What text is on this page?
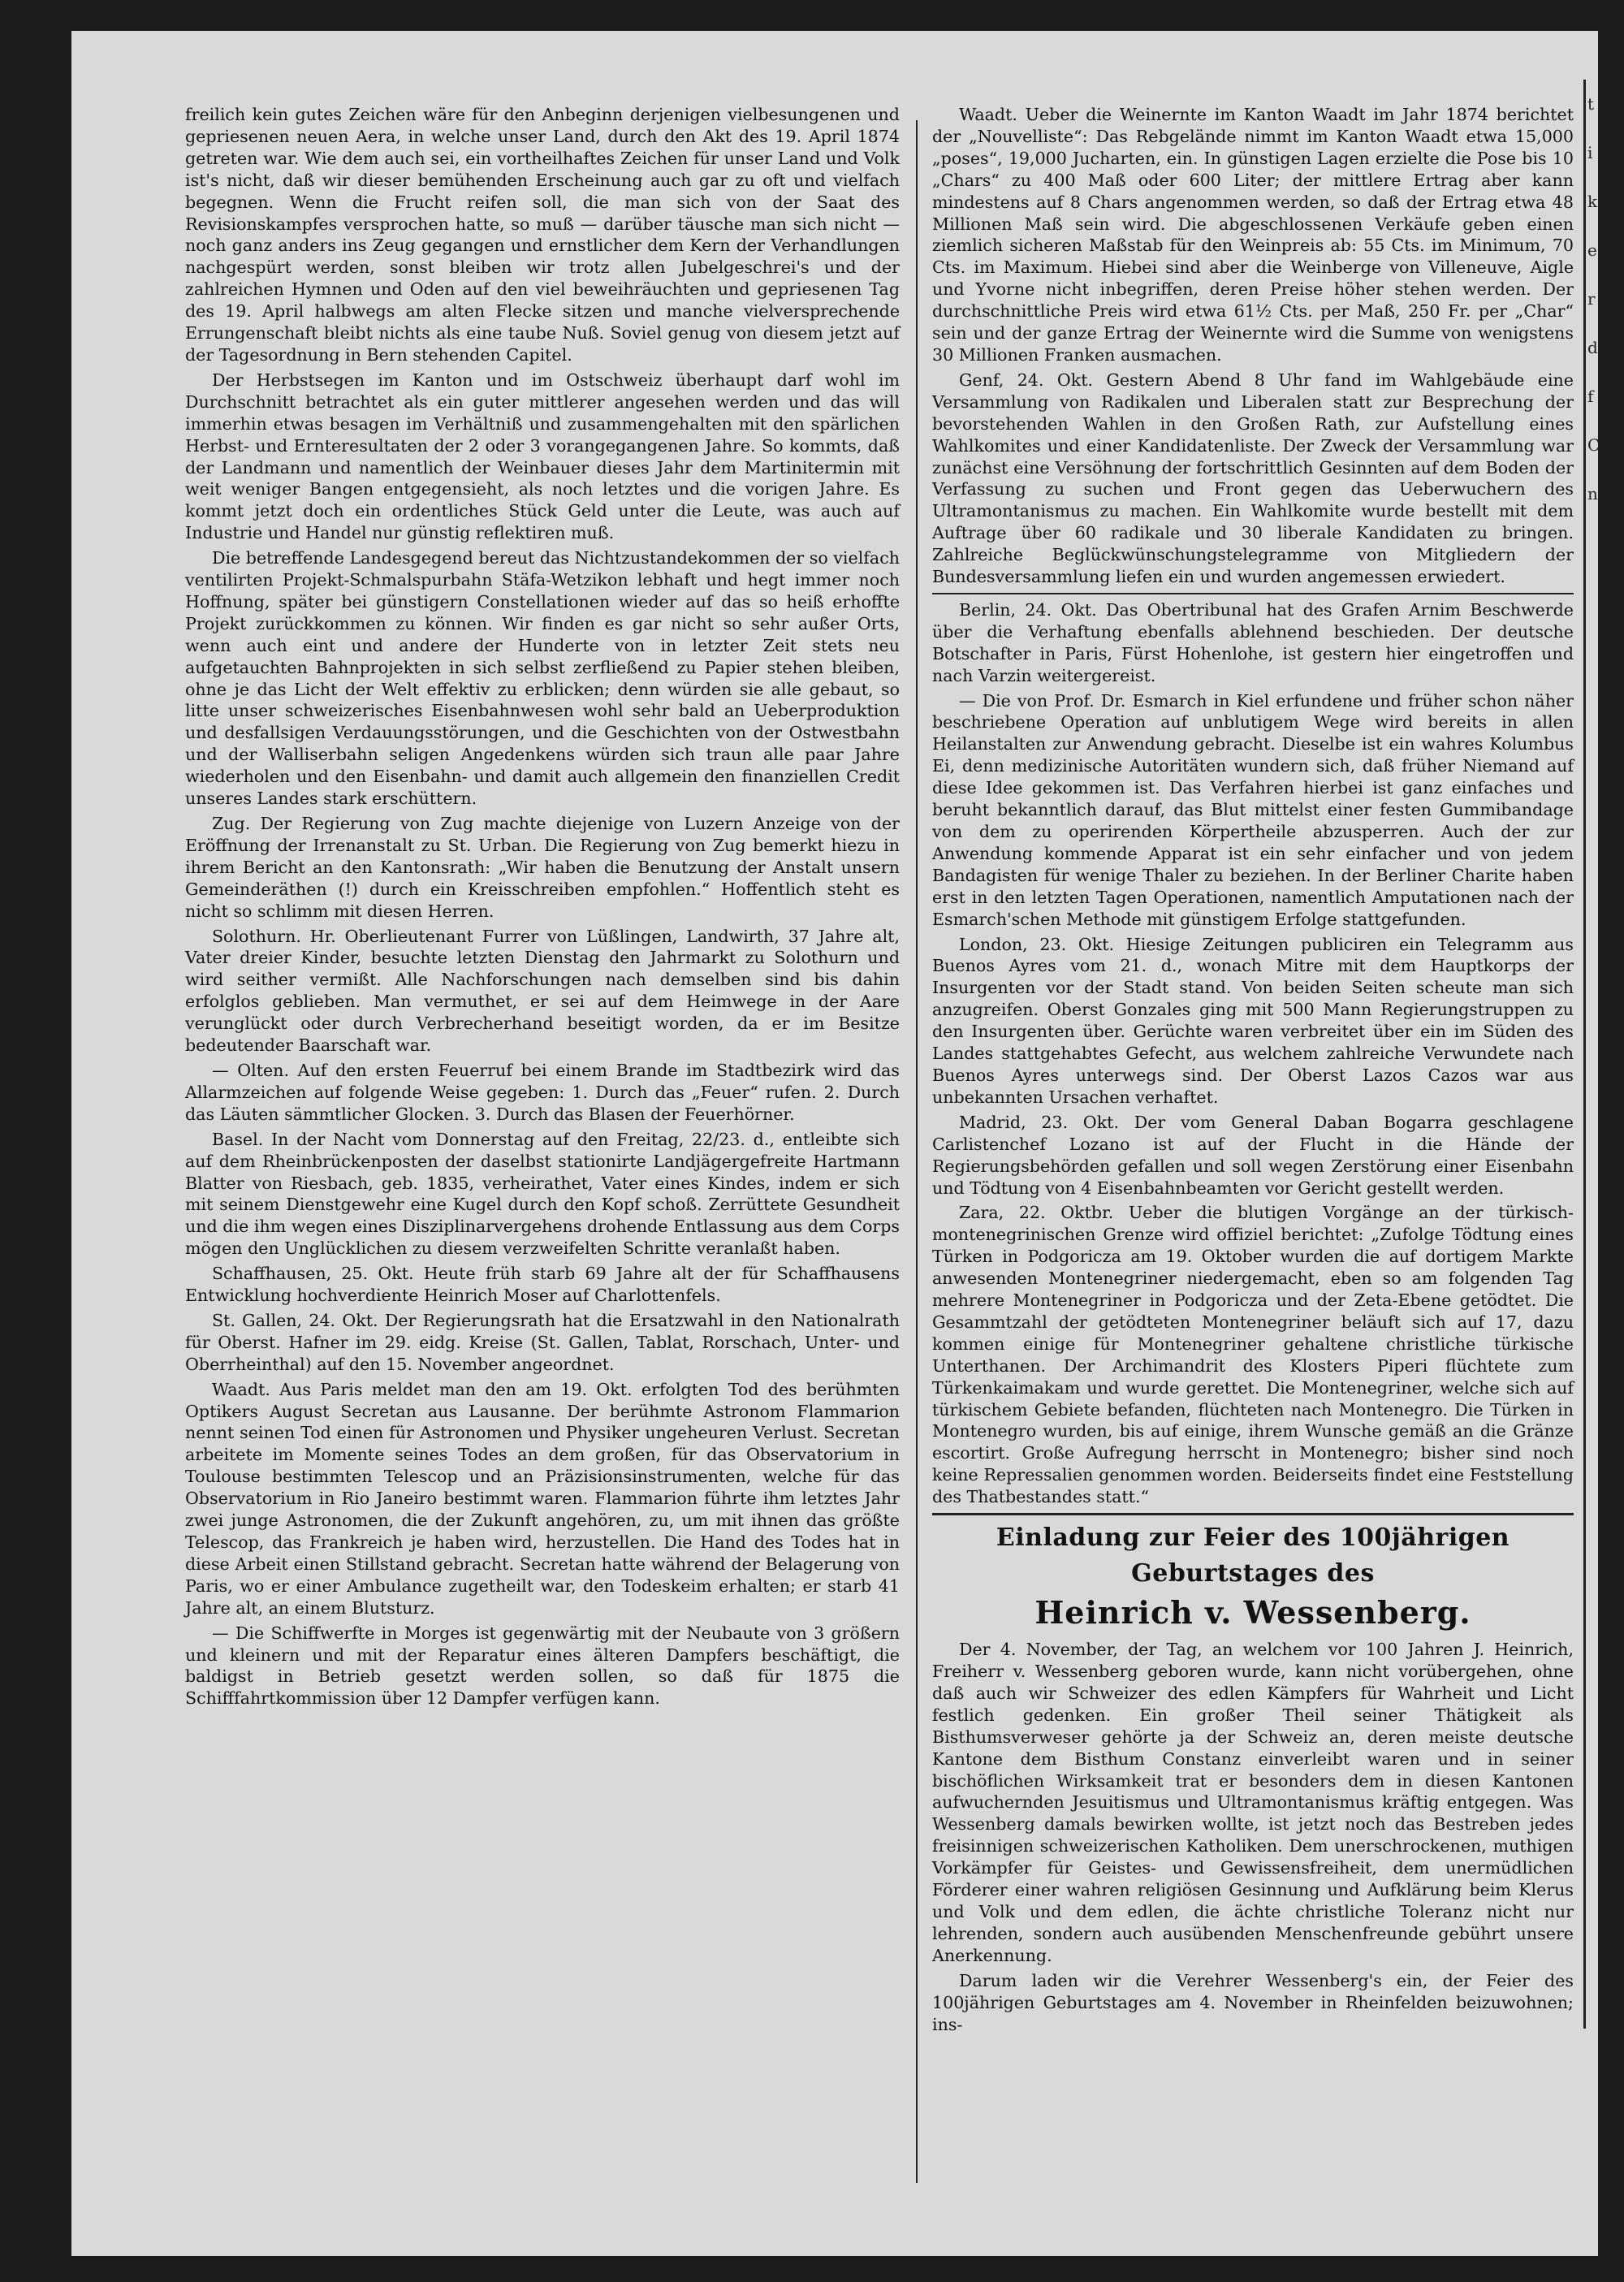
freilich kein gutes Zeichen wäre für den Anbeginn derjenigen vielbesungenen und gepriesenen neuen Aera, in welche unser Land, durch den Akt des 19. April 1874 getreten war. Wie dem auch sei, ein vortheilhaftes Zeichen für unser Land und Volk ist's nicht, daß wir dieser bemühenden Erscheinung auch gar zu oft und vielfach begegnen. Wenn die Frucht reifen soll, die man sich von der Saat des Revisionskampfes versprochen hatte, so muß — darüber täusche man sich nicht — noch ganz anders ins Zeug gegangen und ernstlicher dem Kern der Verhandlungen nachgespürt werden, sonst bleiben wir trotz allen Jubelgeschrei's und der zahlreichen Hymnen und Oden auf den viel beweihräuchten und gepriesenen Tag des 19. April halbwegs am alten Flecke sitzen und manche vielversprechende Errungenschaft bleibt nichts als eine taube Nuß. Soviel genug von diesem jetzt auf der Tagesordnung in Bern stehenden Capitel.

Der Herbstsegen im Kanton und im Ostschweiz überhaupt darf wohl im Durchschnitt betrachtet als ein guter mittlerer angesehen werden und das will immerhin etwas besagen im Verhältniß und zusammengehalten mit den spärlichen Herbst- und Ernteresultaten der 2 oder 3 vorangegangenen Jahre. So kommts, daß der Landmann und namentlich der Weinbauer dieses Jahr dem Martinitermin mit weit weniger Bangen entgegensieht, als noch letztes und die vorigen Jahre. Es kommt jetzt doch ein ordentliches Stück Geld unter die Leute, was auch auf Industrie und Handel nur günstig reflektiren muß.

Die betreffende Landesgegend bereut das Nichtzustandekommen der so vielfach ventilirten Projekt-Schmalspurbahn Stäfa-Wetzikon lebhaft und hegt immer noch Hoffnung, später bei günstigern Constellationen wieder auf das so heiß erhoffte Projekt zurückkommen zu können. Wir finden es gar nicht so sehr außer Orts, wenn auch eint und andere der Hunderte von in letzter Zeit stets neu aufgetauchten Bahnprojekten in sich selbst zerfließend zu Papier stehen bleiben, ohne je das Licht der Welt effektiv zu erblicken; denn würden sie alle gebaut, so litte unser schweizerisches Eisenbahnwesen wohl sehr bald an Ueberproduktion und desfallsigen Verdauungsstörungen, und die Geschichten von der Ostwestbahn und der Walliserbahn seligen Angedenkens würden sich traun alle paar Jahre wiederholen und den Eisenbahn- und damit auch allgemein den finanziellen Credit unseres Landes stark erschüttern.

Zug. Der Regierung von Zug machte diejenige von Luzern Anzeige von der Eröffnung der Irrenanstalt zu St. Urban. Die Regierung von Zug bemerkt hiezu in ihrem Bericht an den Kantonsrath: „Wir haben die Benutzung der Anstalt unsern Gemeinderäthen (!) durch ein Kreisschreiben empfohlen.“ Hoffentlich steht es nicht so schlimm mit diesen Herren.

Solothurn. Hr. Oberlieutenant Furrer von Lüßlingen, Landwirth, 37 Jahre alt, Vater dreier Kinder, besuchte letzten Dienstag den Jahrmarkt zu Solothurn und wird seither vermißt. Alle Nachforschungen nach demselben sind bis dahin erfolglos geblieben. Man vermuthet, er sei auf dem Heimwege in der Aare verunglückt oder durch Verbrecherhand beseitigt worden, da er im Besitze bedeutender Baarschaft war.

— Olten. Auf den ersten Feuerruf bei einem Brande im Stadtbezirk wird das Allarmzeichen auf folgende Weise gegeben: 1. Durch das „Feuer“ rufen. 2. Durch das Läuten sämmtlicher Glocken. 3. Durch das Blasen der Feuerhörner.

Basel. In der Nacht vom Donnerstag auf den Freitag, 22/23. d., entleibte sich auf dem Rheinbrückenposten der daselbst stationirte Landjägergefreite Hartmann Blatter von Riesbach, geb. 1835, verheirathet, Vater eines Kindes, indem er sich mit seinem Dienstgewehr eine Kugel durch den Kopf schoß. Zerrüttete Gesundheit und die ihm wegen eines Disziplinarvergehens drohende Entlassung aus dem Corps mögen den Unglücklichen zu diesem verzweifelten Schritte veranlaßt haben.

Schaffhausen, 25. Okt. Heute früh starb 69 Jahre alt der für Schaffhausens Entwicklung hochverdiente Heinrich Moser auf Charlottenfels.

St. Gallen, 24. Okt. Der Regierungsrath hat die Ersatzwahl in den Nationalrath für Oberst. Hafner im 29. eidg. Kreise (St. Gallen, Tablat, Rorschach, Unter- und Oberrheinthal) auf den 15. November angeordnet.

Waadt. Aus Paris meldet man den am 19. Okt. erfolgten Tod des berühmten Optikers August Secretan aus Lausanne. Der berühmte Astronom Flammarion nennt seinen Tod einen für Astronomen und Physiker ungeheuren Verlust. Secretan arbeitete im Momente seines Todes an dem großen, für das Observatorium in Toulouse bestimmten Telescop und an Präzisionsinstrumenten, welche für das Observatorium in Rio Janeiro bestimmt waren. Flammarion führte ihm letztes Jahr zwei junge Astronomen, die der Zukunft angehören, zu, um mit ihnen das größte Telescop, das Frankreich je haben wird, herzustellen. Die Hand des Todes hat in diese Arbeit einen Stillstand gebracht. Secretan hatte während der Belagerung von Paris, wo er einer Ambulance zugetheilt war, den Todeskeim erhalten; er starb 41 Jahre alt, an einem Blutsturz.

— Die Schiffwerfte in Morges ist gegenwärtig mit der Neubaute von 3 größern und kleinern und mit der Reparatur eines älteren Dampfers beschäftigt, die baldigst in Betrieb gesetzt werden sollen, so daß für 1875 die Schifffahrtkommission über 12 Dampfer verfügen kann.

Waadt. Ueber die Weinernte im Kanton Waadt im Jahr 1874 berichtet der „Nouvelliste“: Das Rebgelände nimmt im Kanton Waadt etwa 15,000 „poses“, 19,000 Jucharten, ein. In günstigen Lagen erzielte die Pose bis 10 „Chars“ zu 400 Maß oder 600 Liter; der mittlere Ertrag aber kann mindestens auf 8 Chars angenommen werden, so daß der Ertrag etwa 48 Millionen Maß sein wird. Die abgeschlossenen Verkäufe geben einen ziemlich sicheren Maßstab für den Weinpreis ab: 55 Cts. im Minimum, 70 Cts. im Maximum. Hiebei sind aber die Weinberge von Villeneuve, Aigle und Yvorne nicht inbegriffen, deren Preise höher stehen werden. Der durchschnittliche Preis wird etwa 61½ Cts. per Maß, 250 Fr. per „Char“ sein und der ganze Ertrag der Weinernte wird die Summe von wenigstens 30 Millionen Franken ausmachen.

Genf, 24. Okt. Gestern Abend 8 Uhr fand im Wahlgebäude eine Versammlung von Radikalen und Liberalen statt zur Besprechung der bevorstehenden Wahlen in den Großen Rath, zur Aufstellung eines Wahlkomites und einer Kandidatenliste. Der Zweck der Versammlung war zunächst eine Versöhnung der fortschrittlich Gesinnten auf dem Boden der Verfassung zu suchen und Front gegen das Ueberwuchern des Ultramontanismus zu machen. Ein Wahlkomite wurde bestellt mit dem Auftrage über 60 radikale und 30 liberale Kandidaten zu bringen. Zahlreiche Beglückwünschungstelegramme von Mitgliedern der Bundesversammlung liefen ein und wurden angemessen erwiedert.

Berlin, 24. Okt. Das Obertribunal hat des Grafen Arnim Beschwerde über die Verhaftung ebenfalls ablehnend beschieden. Der deutsche Botschafter in Paris, Fürst Hohenlohe, ist gestern hier eingetroffen und nach Varzin weitergereist.

— Die von Prof. Dr. Esmarch in Kiel erfundene und früher schon näher beschriebene Operation auf unblutigem Wege wird bereits in allen Heilanstalten zur Anwendung gebracht. Dieselbe ist ein wahres Kolumbus Ei, denn medizinische Autoritäten wundern sich, daß früher Niemand auf diese Idee gekommen ist. Das Verfahren hierbei ist ganz einfaches und beruht bekanntlich darauf, das Blut mittelst einer festen Gummibandage von dem zu operirenden Körpertheile abzusperren. Auch der zur Anwendung kommende Apparat ist ein sehr einfacher und von jedem Bandagisten für wenige Thaler zu beziehen. In der Berliner Charite haben erst in den letzten Tagen Operationen, namentlich Amputationen nach der Esmarch'schen Methode mit günstigem Erfolge stattgefunden.

London, 23. Okt. Hiesige Zeitungen publiciren ein Telegramm aus Buenos Ayres vom 21. d., wonach Mitre mit dem Hauptkorps der Insurgenten vor der Stadt stand. Von beiden Seiten scheute man sich anzugreifen. Oberst Gonzales ging mit 500 Mann Regierungstruppen zu den Insurgenten über. Gerüchte waren verbreitet über ein im Süden des Landes stattgehabtes Gefecht, aus welchem zahlreiche Verwundete nach Buenos Ayres unterwegs sind. Der Oberst Lazos Cazos war aus unbekannten Ursachen verhaftet.

Madrid, 23. Okt. Der vom General Daban Bogarra geschlagene Carlistenchef Lozano ist auf der Flucht in die Hände der Regierungsbehörden gefallen und soll wegen Zerstörung einer Eisenbahn und Tödtung von 4 Eisenbahnbeamten vor Gericht gestellt werden.

Zara, 22. Oktbr. Ueber die blutigen Vorgänge an der türkisch-montenegrinischen Grenze wird offiziel berichtet: „Zufolge Tödtung eines Türken in Podgoricza am 19. Oktober wurden die auf dortigem Markte anwesenden Montenegriner niedergemacht, eben so am folgenden Tag mehrere Montenegriner in Podgoricza und der Zeta-Ebene getödtet. Die Gesammtzahl der getödteten Montenegriner beläuft sich auf 17, dazu kommen einige für Montenegriner gehaltene christliche türkische Unterthanen. Der Archimandrit des Klosters Piperi flüchtete zum Türkenkaimakam und wurde gerettet. Die Montenegriner, welche sich auf türkischem Gebiete befanden, flüchteten nach Montenegro. Die Türken in Montenegro wurden, bis auf einige, ihrem Wunsche gemäß an die Gränze escortirt. Große Aufregung herrscht in Montenegro; bisher sind noch keine Repressalien genommen worden. Beiderseits findet eine Feststellung des Thatbestandes statt.“

Einladung zur Feier des 100jährigen Geburtstages des
Heinrich v. Wessenberg.

Der 4. November, der Tag, an welchem vor 100 Jahren J. Heinrich, Freiherr v. Wessenberg geboren wurde, kann nicht vorübergehen, ohne daß auch wir Schweizer des edlen Kämpfers für Wahrheit und Licht festlich gedenken. Ein großer Theil seiner Thätigkeit als Bisthumsverweser gehörte ja der Schweiz an, deren meiste deutsche Kantone dem Bisthum Constanz einverleibt waren und in seiner bischöflichen Wirksamkeit trat er besonders dem in diesen Kantonen aufwuchernden Jesuitismus und Ultramontanismus kräftig entgegen. Was Wessenberg damals bewirken wollte, ist jetzt noch das Bestreben jedes freisinnigen schweizerischen Katholiken. Dem unerschrockenen, muthigen Vorkämpfer für Geistes- und Gewissensfreiheit, dem unermüdlichen Förderer einer wahren religiösen Gesinnung und Aufklärung beim Klerus und Volk und dem edlen, die ächte christliche Toleranz nicht nur lehrenden, sondern auch ausübenden Menschenfreunde gebührt unsere Anerkennung.

Darum laden wir die Verehrer Wessenberg's ein, der Feier des 100jährigen Geburtstages am 4. November in Rheinfelden beizuwohnen; ins-

t
i
k
e
r
d
f
C
n
